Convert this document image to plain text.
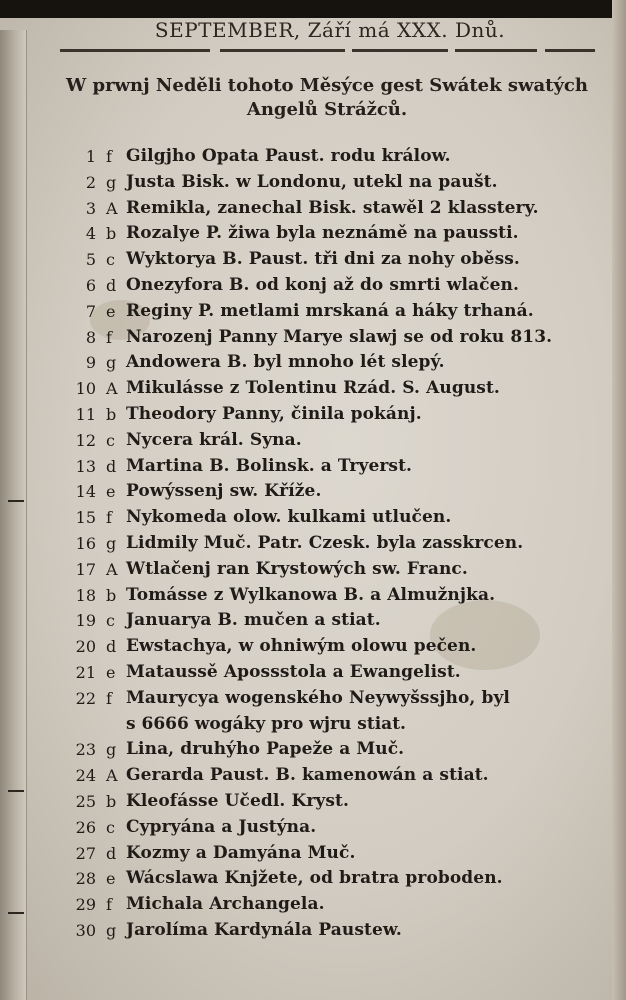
SEPTEMBER, Září má XXX. Dnů.
W prwnj Neděli tohoto Měsýce gest Swátek swatých
Angelů Strážců.
1 f Gilgjho Opata Paust. rodu králow.
2 g Justa Bisk. w Londonu, utekl na paušt.
3 A Remikla, zanechal Bisk. stawěl 2 klasstery.
4 b Rozalye P. žiwa byla neznámě na paussti.
5 c Wyktorya B. Paust. tři dni za nohy oběss.
6 d Onezyfora B. od konj až do smrti wlačen.
7 e Reginy P. metlami mrskaná a háky trhaná.
8 f Narozenj Panny Marye slawj se od roku 813.
9 g Andowera B. byl mnoho lét slepý.
10 A Mikulásse z Tolentinu Rzád. S. August.
11 b Theodory Panny, činila pokánj.
12 c Nycera král. Syna.
13 d Martina B. Bolinsk. a Tryerst.
14 e Powýssenj sw. Kříže.
15 f Nykomeda olow. kulkami utlučen.
16 g Lidmily Muč. Patr. Czesk. byla zasskrcen.
17 A Wtlačenj ran Krystowých sw. Franc.
18 b Tomásse z Wylkanowa B. a Almužnjka.
19 c Januarya B. mučen a stiat.
20 d Ewstachya, w ohniwým olowu pečen.
21 e Mataussě Apossstola a Ewangelist.
22 f Maurycya wogenského Neywyšssjho, byl
s 6666 wogáky pro wjru stiat.
23 g Lina, druhýho Papeže a Muč.
24 A Gerarda Paust. B. kamenowán a stiat.
25 b Kleofásse Učedl. Kryst.
26 c Cypryána a Justýna.
27 d Kozmy a Damyána Muč.
28 e Wácslawa Knjžete, od bratra proboden.
29 f Michala Archangela.
30 g Jarolíma Kardynála Paustew.
